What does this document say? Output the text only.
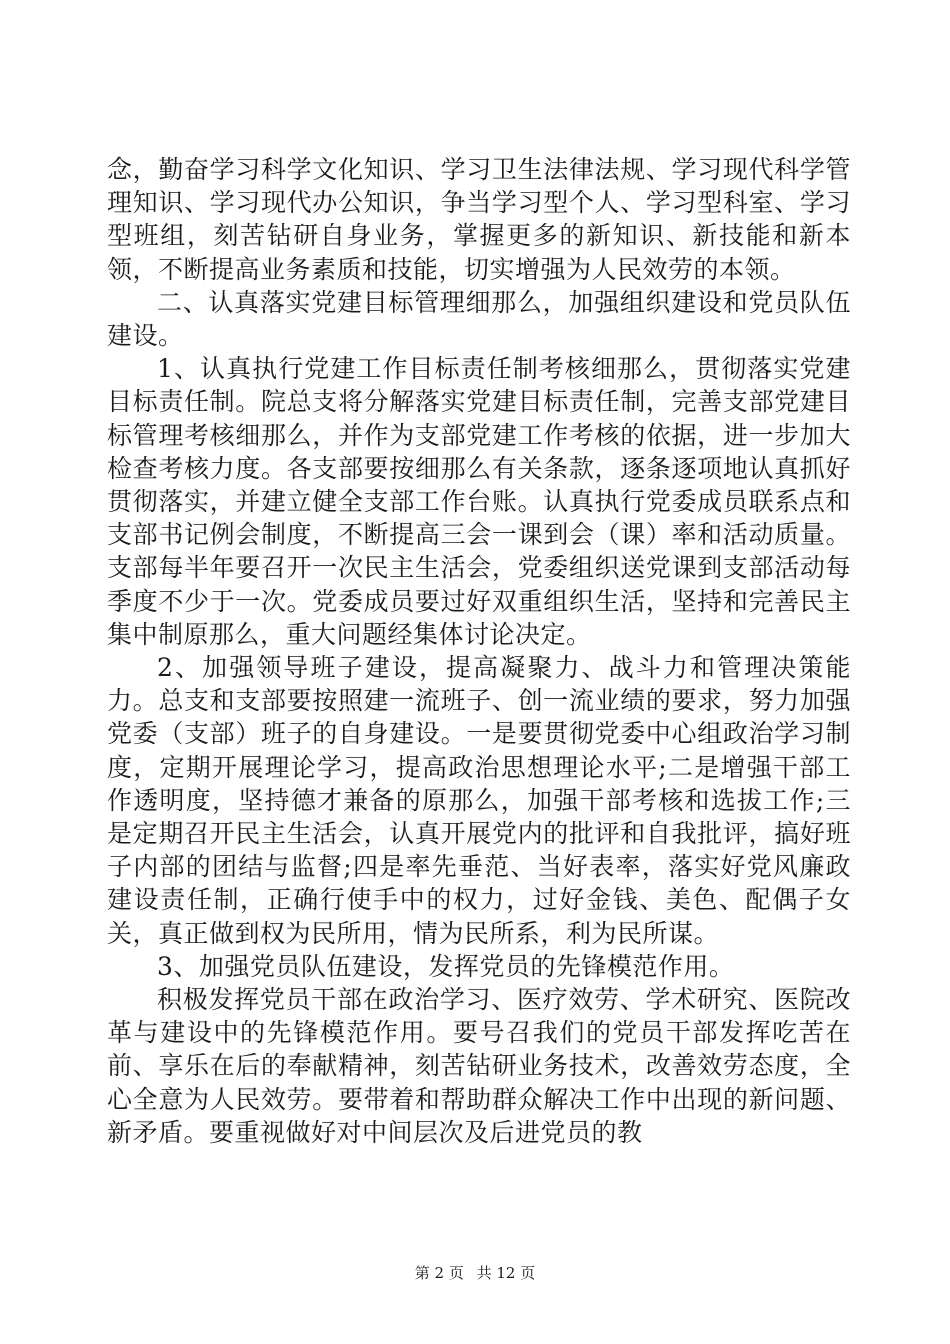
念，勤奋学习科学文化知识、学习卫生法律法规、学习现代科学管理知识、学习现代办公知识，争当学习型个人、学习型科室、学习型班组，刻苦钻研自身业务，掌握更多的新知识、新技能和新本领，不断提高业务素质和技能，切实增强为人民效劳的本领。

二、认真落实党建目标管理细那么，加强组织建设和党员队伍建设。

1、认真执行党建工作目标责任制考核细那么，贯彻落实党建目标责任制。院总支将分解落实党建目标责任制，完善支部党建目标管理考核细那么，并作为支部党建工作考核的依据，进一步加大检查考核力度。各支部要按细那么有关条款，逐条逐项地认真抓好贯彻落实，并建立健全支部工作台账。认真执行党委成员联系点和支部书记例会制度，不断提高三会一课到会（课）率和活动质量。支部每半年要召开一次民主生活会，党委组织送党课到支部活动每季度不少于一次。党委成员要过好双重组织生活，坚持和完善民主集中制原那么，重大问题经集体讨论决定。

2、加强领导班子建设，提高凝聚力、战斗力和管理决策能力。总支和支部要按照建一流班子、创一流业绩的要求，努力加强党委（支部）班子的自身建设。一是要贯彻党委中心组政治学习制度，定期开展理论学习，提高政治思想理论水平;二是增强干部工作透明度，坚持德才兼备的原那么，加强干部考核和选拔工作;三是定期召开民主生活会，认真开展党内的批评和自我批评，搞好班子内部的团结与监督;四是率先垂范、当好表率，落实好党风廉政建设责任制，正确行使手中的权力，过好金钱、美色、配偶子女关，真正做到权为民所用，情为民所系，利为民所谋。

3、加强党员队伍建设，发挥党员的先锋模范作用。

积极发挥党员干部在政治学习、医疗效劳、学术研究、医院改革与建设中的先锋模范作用。要号召我们的党员干部发挥吃苦在前、享乐在后的奉献精神，刻苦钻研业务技术，改善效劳态度，全心全意为人民效劳。要带着和帮助群众解决工作中出现的新问题、新矛盾。要重视做好对中间层次及后进党员的教

第 2 页 共 12 页
